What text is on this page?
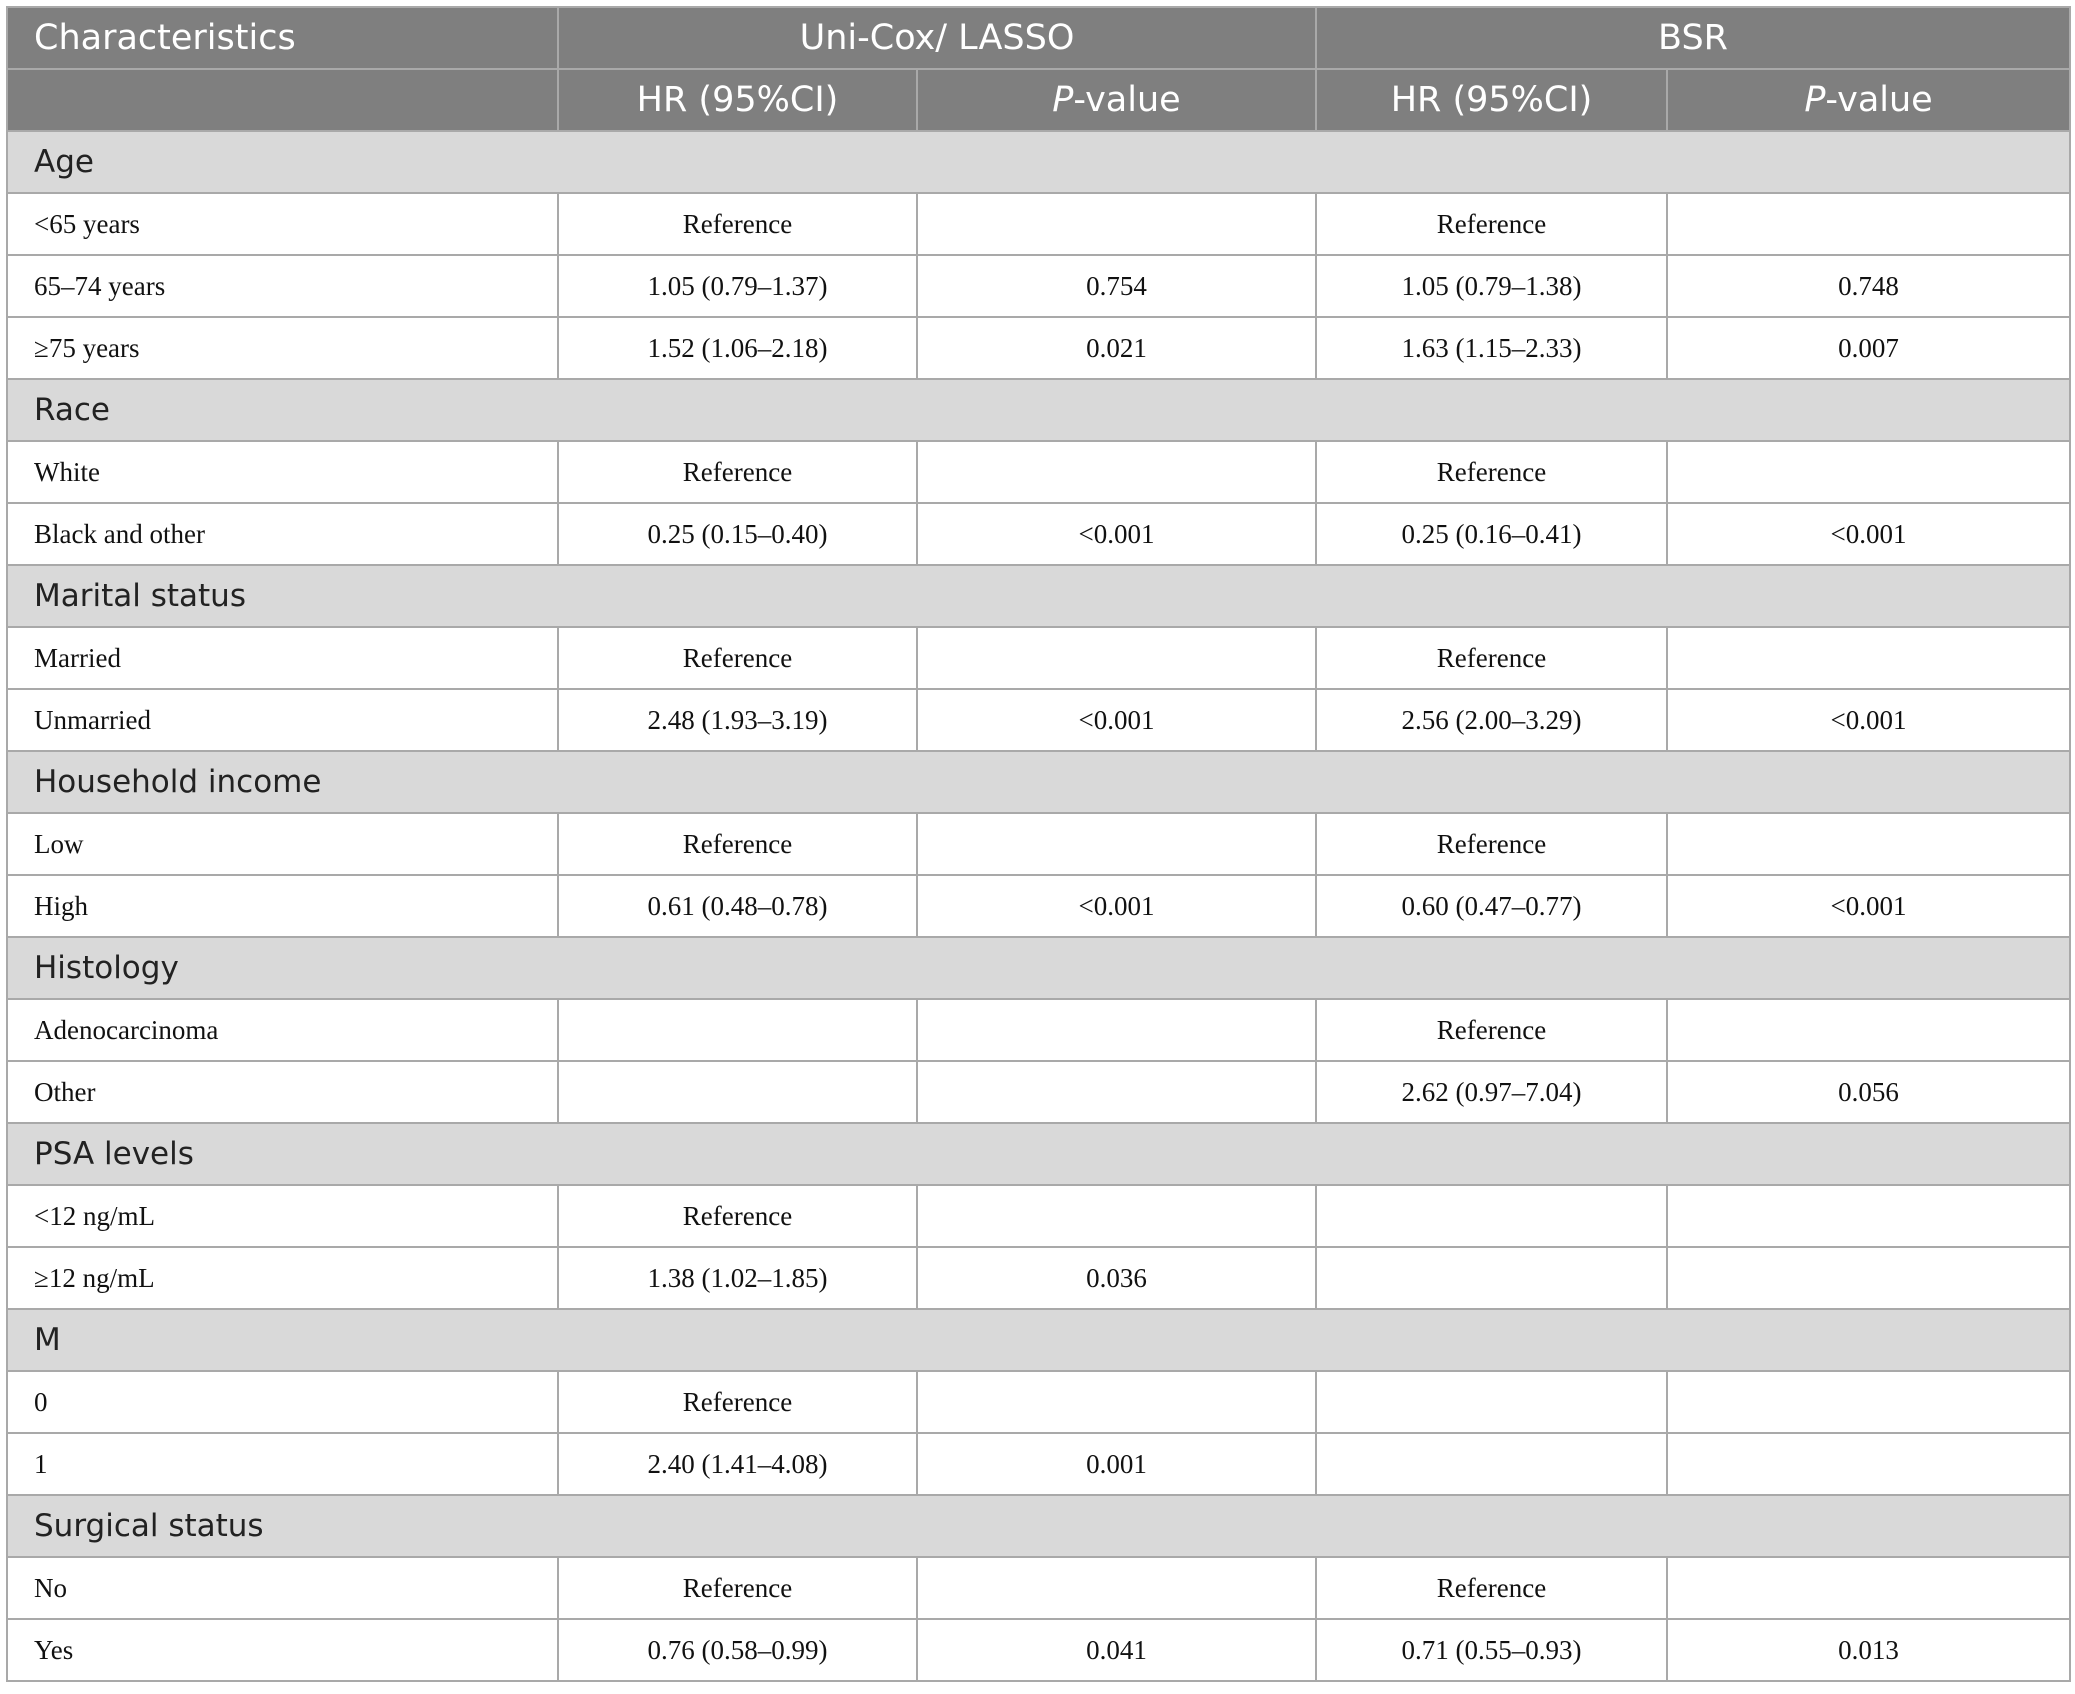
Characteristics	Uni-Cox/ LASSO		BSR	
	HR (95%CI)	P-value	HR (95%CI)	P-value
Age				
<65 years	Reference		Reference	
65–74 years	1.05 (0.79–1.37)	0.754	1.05 (0.79–1.38)	0.748
≥75 years	1.52 (1.06–2.18)	0.021	1.63 (1.15–2.33)	0.007
Race				
White	Reference		Reference	
Black and other	0.25 (0.15–0.40)	<0.001	0.25 (0.16–0.41)	<0.001
Marital status				
Married	Reference		Reference	
Unmarried	2.48 (1.93–3.19)	<0.001	2.56 (2.00–3.29)	<0.001
Household income				
Low	Reference		Reference	
High	0.61 (0.48–0.78)	<0.001	0.60 (0.47–0.77)	<0.001
Histology				
Adenocarcinoma			Reference	
Other			2.62 (0.97–7.04)	0.056
PSA levels				
<12 ng/mL	Reference			
≥12 ng/mL	1.38 (1.02–1.85)	0.036		
M				
0	Reference			
1	2.40 (1.41–4.08)	0.001		
Surgical status				
No	Reference		Reference	
Yes	0.76 (0.58–0.99)	0.041	0.71 (0.55–0.93)	0.013
